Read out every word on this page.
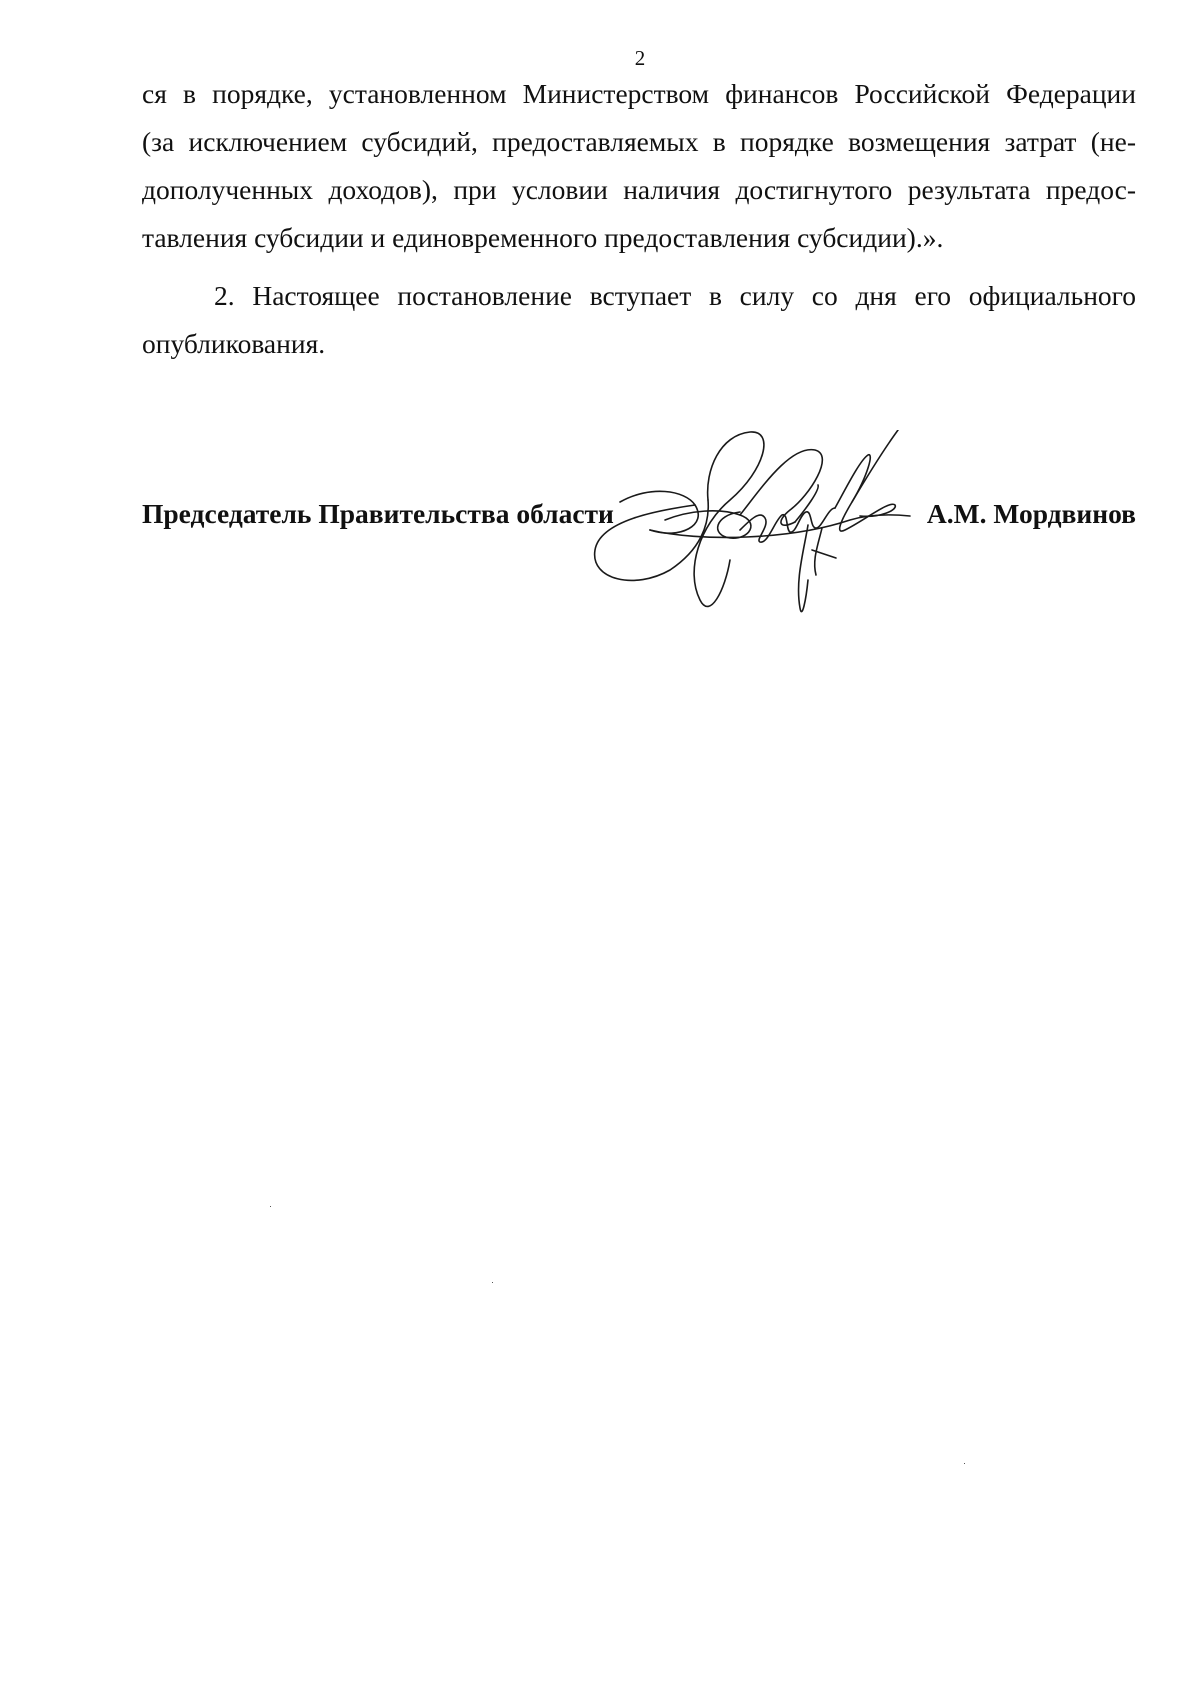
2
ся в порядке, установленном Министерством финансов Российской Федерации
(за исключением субсидий, предоставляемых в порядке возмещения затрат (не-
дополученных доходов), при условии наличия достигнутого результата предос-
тавления субсидии и единовременного предоставления субсидии).».
2. Настоящее постановление вступает в силу со дня его официального
опубликования.
Председатель Правительства области	А.М. Мордвинов
